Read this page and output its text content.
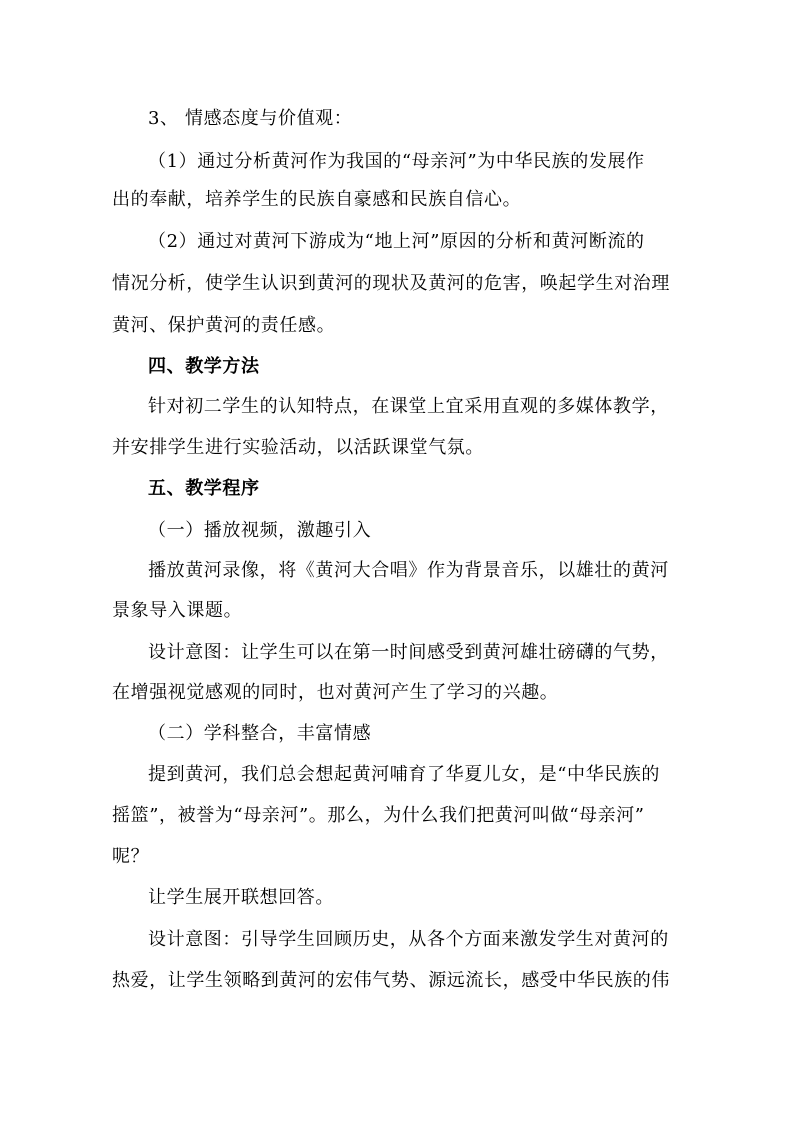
3、 情感态度与价值观：
（1）通过分析黄河作为我国的“母亲河”为中华民族的发展作
出的奉献，培养学生的民族自豪感和民族自信心。
（2）通过对黄河下游成为“地上河”原因的分析和黄河断流的
情况分析，使学生认识到黄河的现状及黄河的危害，唤起学生对治理
黄河、保护黄河的责任感。
四、教学方法
针对初二学生的认知特点，在课堂上宜采用直观的多媒体教学，
并安排学生进行实验活动，以活跃课堂气氛。
五、教学程序
（一）播放视频，激趣引入
播放黄河录像，将《黄河大合唱》作为背景音乐，以雄壮的黄河
景象导入课题。
设计意图：让学生可以在第一时间感受到黄河雄壮磅礴的气势，
在增强视觉感观的同时，也对黄河产生了学习的兴趣。
（二）学科整合，丰富情感
提到黄河，我们总会想起黄河哺育了华夏儿女，是“中华民族的
摇篮”，被誉为“母亲河”。那么，为什么我们把黄河叫做“母亲河”
呢？
让学生展开联想回答。
设计意图：引导学生回顾历史，从各个方面来激发学生对黄河的
热爱，让学生领略到黄河的宏伟气势、源远流长，感受中华民族的伟
